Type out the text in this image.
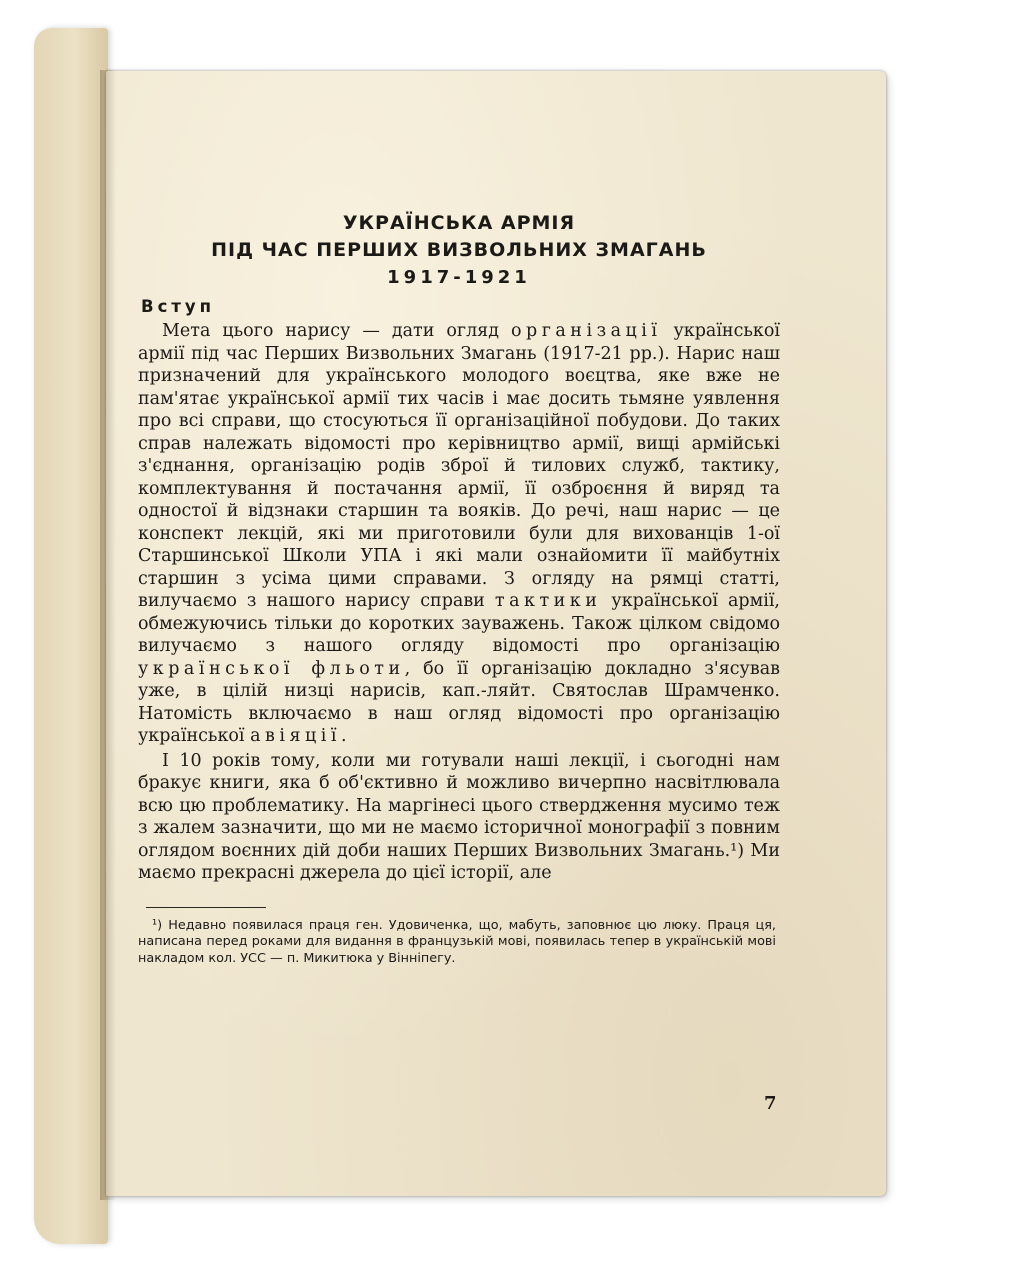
УКРАЇНСЬКА АРМІЯ

ПІД ЧАС ПЕРШИХ ВИЗВОЛЬНИХ ЗМАГАНЬ

1917-1921

Вступ

Мета цього нарису — дати огляд організації української армії під час Перших Визвольних Змагань (1917-21 рр.). Нарис наш призначений для українського молодого воєцтва, яке вже не пам'ятає української армії тих часів і має досить тьмяне уявлення про всі справи, що стосуються її організаційної побудови. До таких справ належать відомості про керівництво армії, вищі армійські з'єднання, організацію родів зброї й тилових служб, тактику, комплектування й постачання армії, її озброєння й виряд та одностої й відзнаки старшин та вояків. До речі, наш нарис — це конспект лекцій, які ми приготовили були для вихованців 1-ої Старшинської Школи УПА і які мали ознайомити її майбутніх старшин з усіма цими справами. З огляду на рямці статті, вилучаємо з нашого нарису справи тактики української армії, обмежуючись тільки до коротких зауважень. Також цілком свідомо вилучаємо з нашого огляду відомості про організацію української фльоти, бо її організацію докладно з'ясував уже, в цілій низці нарисів, кап.-ляйт. Святослав Шрамченко. Натомість включаємо в наш огляд відомості про організацію української авіяції.

І 10 років тому, коли ми готували наші лекції, і сьогодні нам бракує книги, яка б об'єктивно й можливо вичерпно насвітлювала всю цю проблематику. На маргінесі цього ствердження мусимо теж з жалем зазначити, що ми не маємо історичної монографії з повним оглядом воєнних дій доби наших Перших Визвольних Змагань.¹) Ми маємо прекрасні джерела до цієї історії, але

¹) Недавно появилася праця ген. Удовиченка, що, мабуть, заповнює цю люку. Праця ця, написана перед роками для видання в французькій мові, появилась тепер в українській мові накладом кол. УСС — п. Микитюка у Вінніпегу.

7
